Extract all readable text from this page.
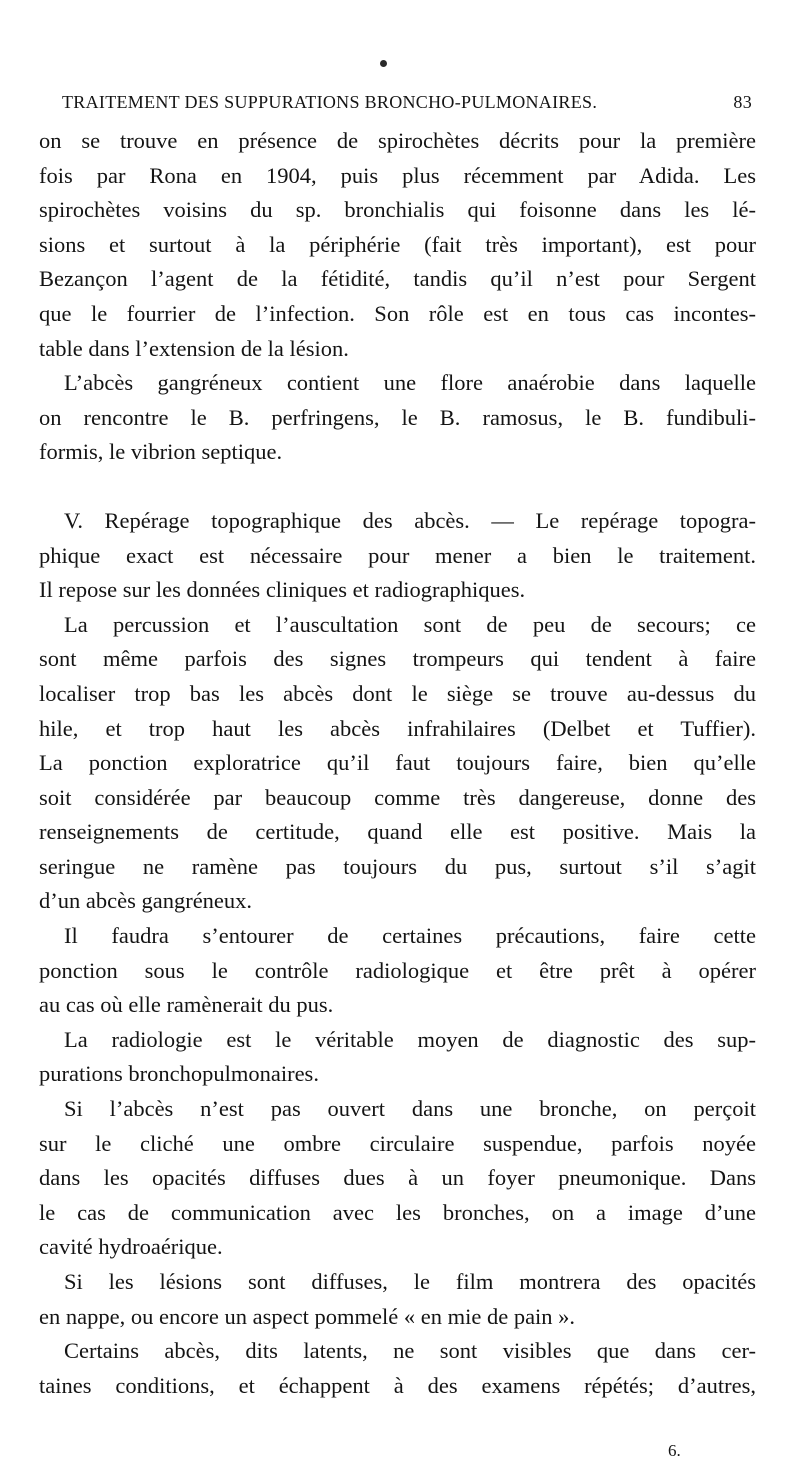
TRAITEMENT DES SUPPURATIONS BRONCHO-PULMONAIRES.	83

on se trouve en présence de spirochètes décrits pour la première
fois par Rona en 1904, puis plus récemment par Adida. Les
spirochètes voisins du sp. bronchialis qui foisonne dans les lé-
sions et surtout à la périphérie (fait très important), est pour
Bezançon l’agent de la fétidité, tandis qu’il n’est pour Sergent
que le fourrier de l’infection. Son rôle est en tous cas incontes-
table dans l’extension de la lésion.

L’abcès gangréneux contient une flore anaérobie dans laquelle
on rencontre le B. perfringens, le B. ramosus, le B. fundibuli-
formis, le vibrion septique.

V. Repérage topographique des abcès. — Le repérage topogra-
phique exact est nécessaire pour mener a bien le traitement.
Il repose sur les données cliniques et radiographiques.

La percussion et l’auscultation sont de peu de secours; ce
sont même parfois des signes trompeurs qui tendent à faire
localiser trop bas les abcès dont le siège se trouve au-dessus du
hile, et trop haut les abcès infrahilaires (Delbet et Tuffier).
La ponction exploratrice qu’il faut toujours faire, bien qu’elle
soit considérée par beaucoup comme très dangereuse, donne des
renseignements de certitude, quand elle est positive. Mais la
seringue ne ramène pas toujours du pus, surtout s’il s’agit
d’un abcès gangréneux.

Il faudra s’entourer de certaines précautions, faire cette
ponction sous le contrôle radiologique et être prêt à opérer
au cas où elle ramènerait du pus.

La radiologie est le véritable moyen de diagnostic des sup-
purations bronchopulmonaires.

Si l’abcès n’est pas ouvert dans une bronche, on perçoit
sur le cliché une ombre circulaire suspendue, parfois noyée
dans les opacités diffuses dues à un foyer pneumonique. Dans
le cas de communication avec les bronches, on a image d’une
cavité hydroaérique.

Si les lésions sont diffuses, le film montrera des opacités
en nappe, ou encore un aspect pommelé « en mie de pain ».

Certains abcès, dits latents, ne sont visibles que dans cer-
taines conditions, et échappent à des examens répétés; d’autres,

6.
